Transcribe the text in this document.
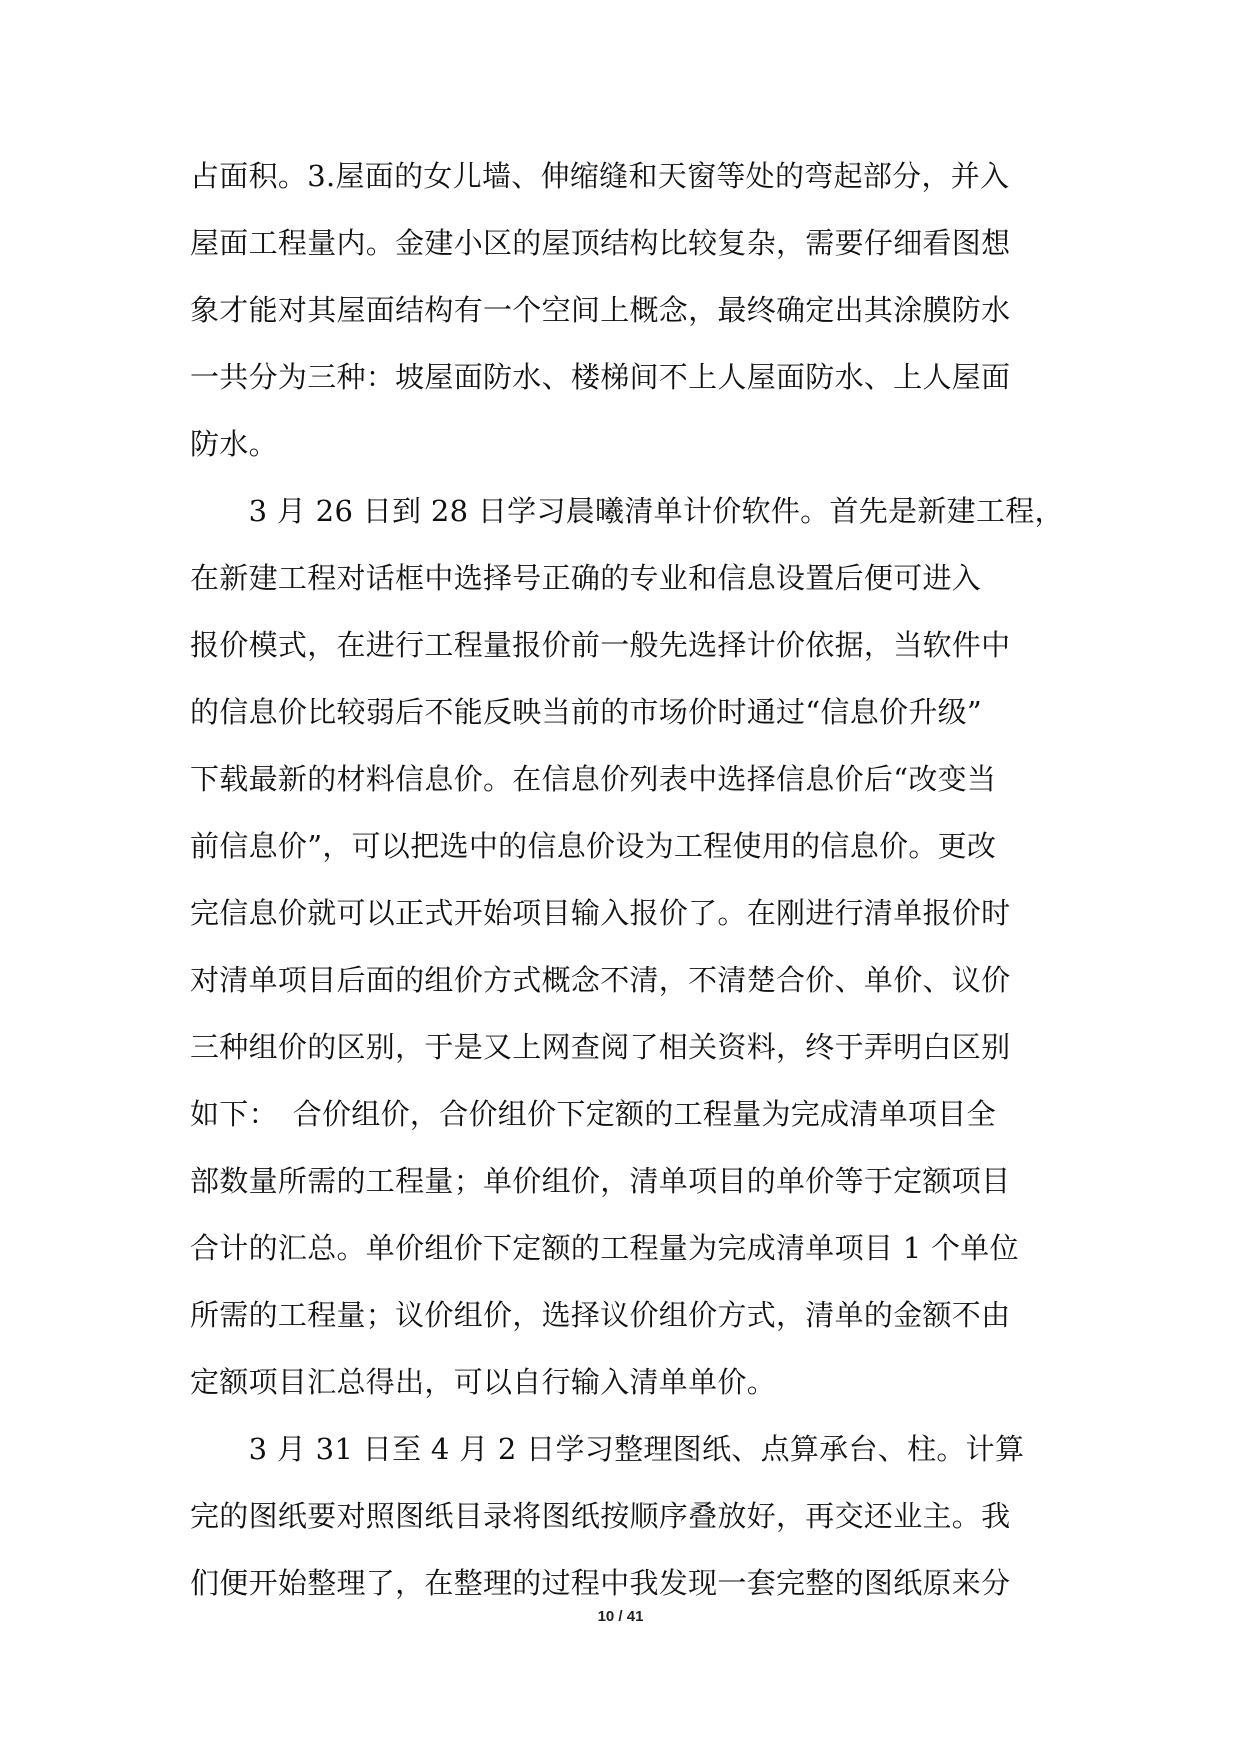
占面积。3.屋面的女儿墙、伸缩缝和天窗等处的弯起部分，并入
屋面工程量内。金建小区的屋顶结构比较复杂，需要仔细看图想
象才能对其屋面结构有一个空间上概念，最终确定出其涂膜防水
一共分为三种：坡屋面防水、楼梯间不上人屋面防水、上人屋面
防水。
　　3 月 26 日到 28 日学习晨曦清单计价软件。首先是新建工程，
在新建工程对话框中选择号正确的专业和信息设置后便可进入
报价模式，在进行工程量报价前一般先选择计价依据，当软件中
的信息价比较弱后不能反映当前的市场价时通过“信息价升级”
下载最新的材料信息价。在信息价列表中选择信息价后“改变当
前信息价”，可以把选中的信息价设为工程使用的信息价。更改
完信息价就可以正式开始项目输入报价了。在刚进行清单报价时
对清单项目后面的组价方式概念不清，不清楚合价、单价、议价
三种组价的区别，于是又上网查阅了相关资料，终于弄明白区别
如下：　合价组价，合价组价下定额的工程量为完成清单项目全
部数量所需的工程量；单价组价，清单项目的单价等于定额项目
合计的汇总。单价组价下定额的工程量为完成清单项目 1 个单位
所需的工程量；议价组价，选择议价组价方式，清单的金额不由
定额项目汇总得出，可以自行输入清单单价。
　　3 月 31 日至 4 月 2 日学习整理图纸、点算承台、柱。计算
完的图纸要对照图纸目录将图纸按顺序叠放好，再交还业主。我
们便开始整理了，在整理的过程中我发现一套完整的图纸原来分
10 / 41
